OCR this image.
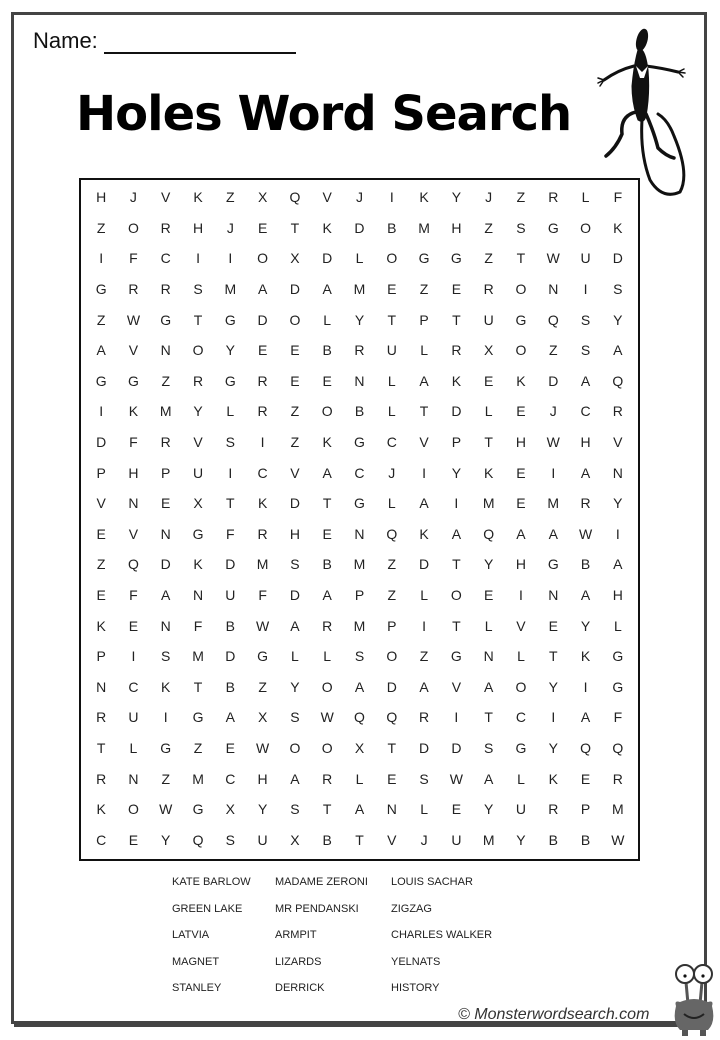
Name:
Holes Word Search
H	J	V	K	Z	X	Q	V	J	I	K	Y	J	Z	R	L	F
Z	O	R	H	J	E	T	K	D	B	M	H	Z	S	G	O	K
I	F	C	I	I	O	X	D	L	O	G	G	Z	T	W	U	D
G	R	R	S	M	A	D	A	M	E	Z	E	R	O	N	I	S
Z	W	G	T	G	D	O	L	Y	T	P	T	U	G	Q	S	Y
A	V	N	O	Y	E	E	B	R	U	L	R	X	O	Z	S	A
G	G	Z	R	G	R	E	E	N	L	A	K	E	K	D	A	Q
I	K	M	Y	L	R	Z	O	B	L	T	D	L	E	J	C	R
D	F	R	V	S	I	Z	K	G	C	V	P	T	H	W	H	V
P	H	P	U	I	C	V	A	C	J	I	Y	K	E	I	A	N
V	N	E	X	T	K	D	T	G	L	A	I	M	E	M	R	Y
E	V	N	G	F	R	H	E	N	Q	K	A	Q	A	A	W	I
Z	Q	D	K	D	M	S	B	M	Z	D	T	Y	H	G	B	A
E	F	A	N	U	F	D	A	P	Z	L	O	E	I	N	A	H
K	E	N	F	B	W	A	R	M	P	I	T	L	V	E	Y	L
P	I	S	M	D	G	L	L	S	O	Z	G	N	L	T	K	G
N	C	K	T	B	Z	Y	O	A	D	A	V	A	O	Y	I	G
R	U	I	G	A	X	S	W	Q	Q	R	I	T	C	I	A	F
T	L	G	Z	E	W	O	O	X	T	D	D	S	G	Y	Q	Q
R	N	Z	M	C	H	A	R	L	E	S	W	A	L	K	E	R
K	O	W	G	X	Y	S	T	A	N	L	E	Y	U	R	P	M
C	E	Y	Q	S	U	X	B	T	V	J	U	M	Y	B	B	W
KATE BARLOW	MADAME ZERONI	LOUIS SACHAR
GREEN LAKE	MR PENDANSKI	ZIGZAG
LATVIA	ARMPIT	CHARLES WALKER
MAGNET	LIZARDS	YELNATS
STANLEY	DERRICK	HISTORY
© Monsterwordsearch.com
